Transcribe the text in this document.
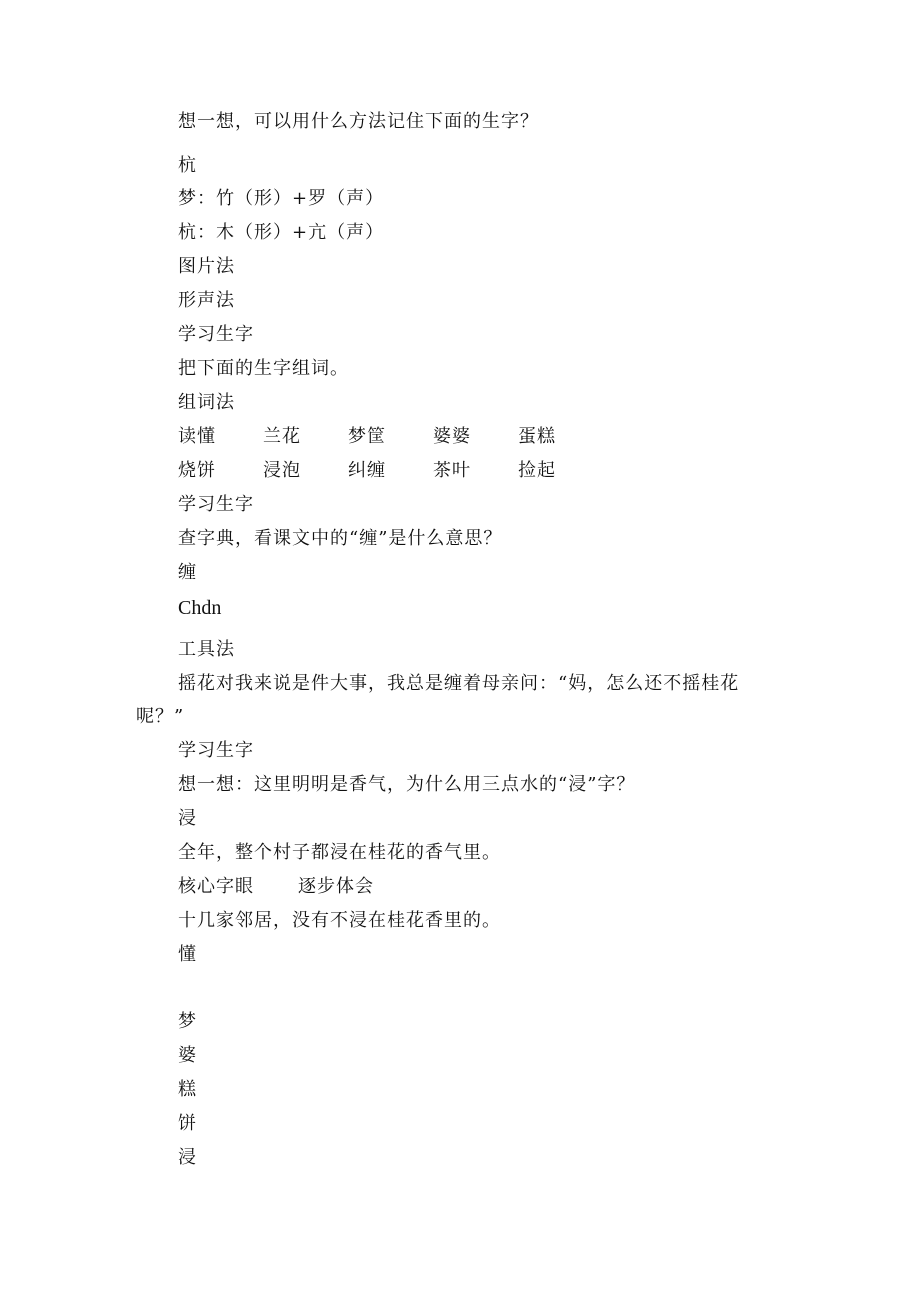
想一想，可以用什么方法记住下面的生字？
杭
梦：竹（形）+罗（声）
杭：木（形）+亢（声）
图片法
形声法
学习生字
把下面的生字组词。
组词法
读懂	兰花	梦筐	婆婆	蛋糕
烧饼	浸泡	纠缠	茶叶	捡起
学习生字
查字典，看课文中的“缠”是什么意思？
缠
Chdn
工具法
摇花对我来说是件大事，我总是缠着母亲问：“妈，怎么还不摇桂花
呢？”
学习生字
想一想：这里明明是香气，为什么用三点水的“浸”字？
浸
全年，整个村子都浸在桂花的香气里。
核心字眼 逐步体会
十几家邻居，没有不浸在桂花香里的。
懂
梦
婆
糕
饼
浸
